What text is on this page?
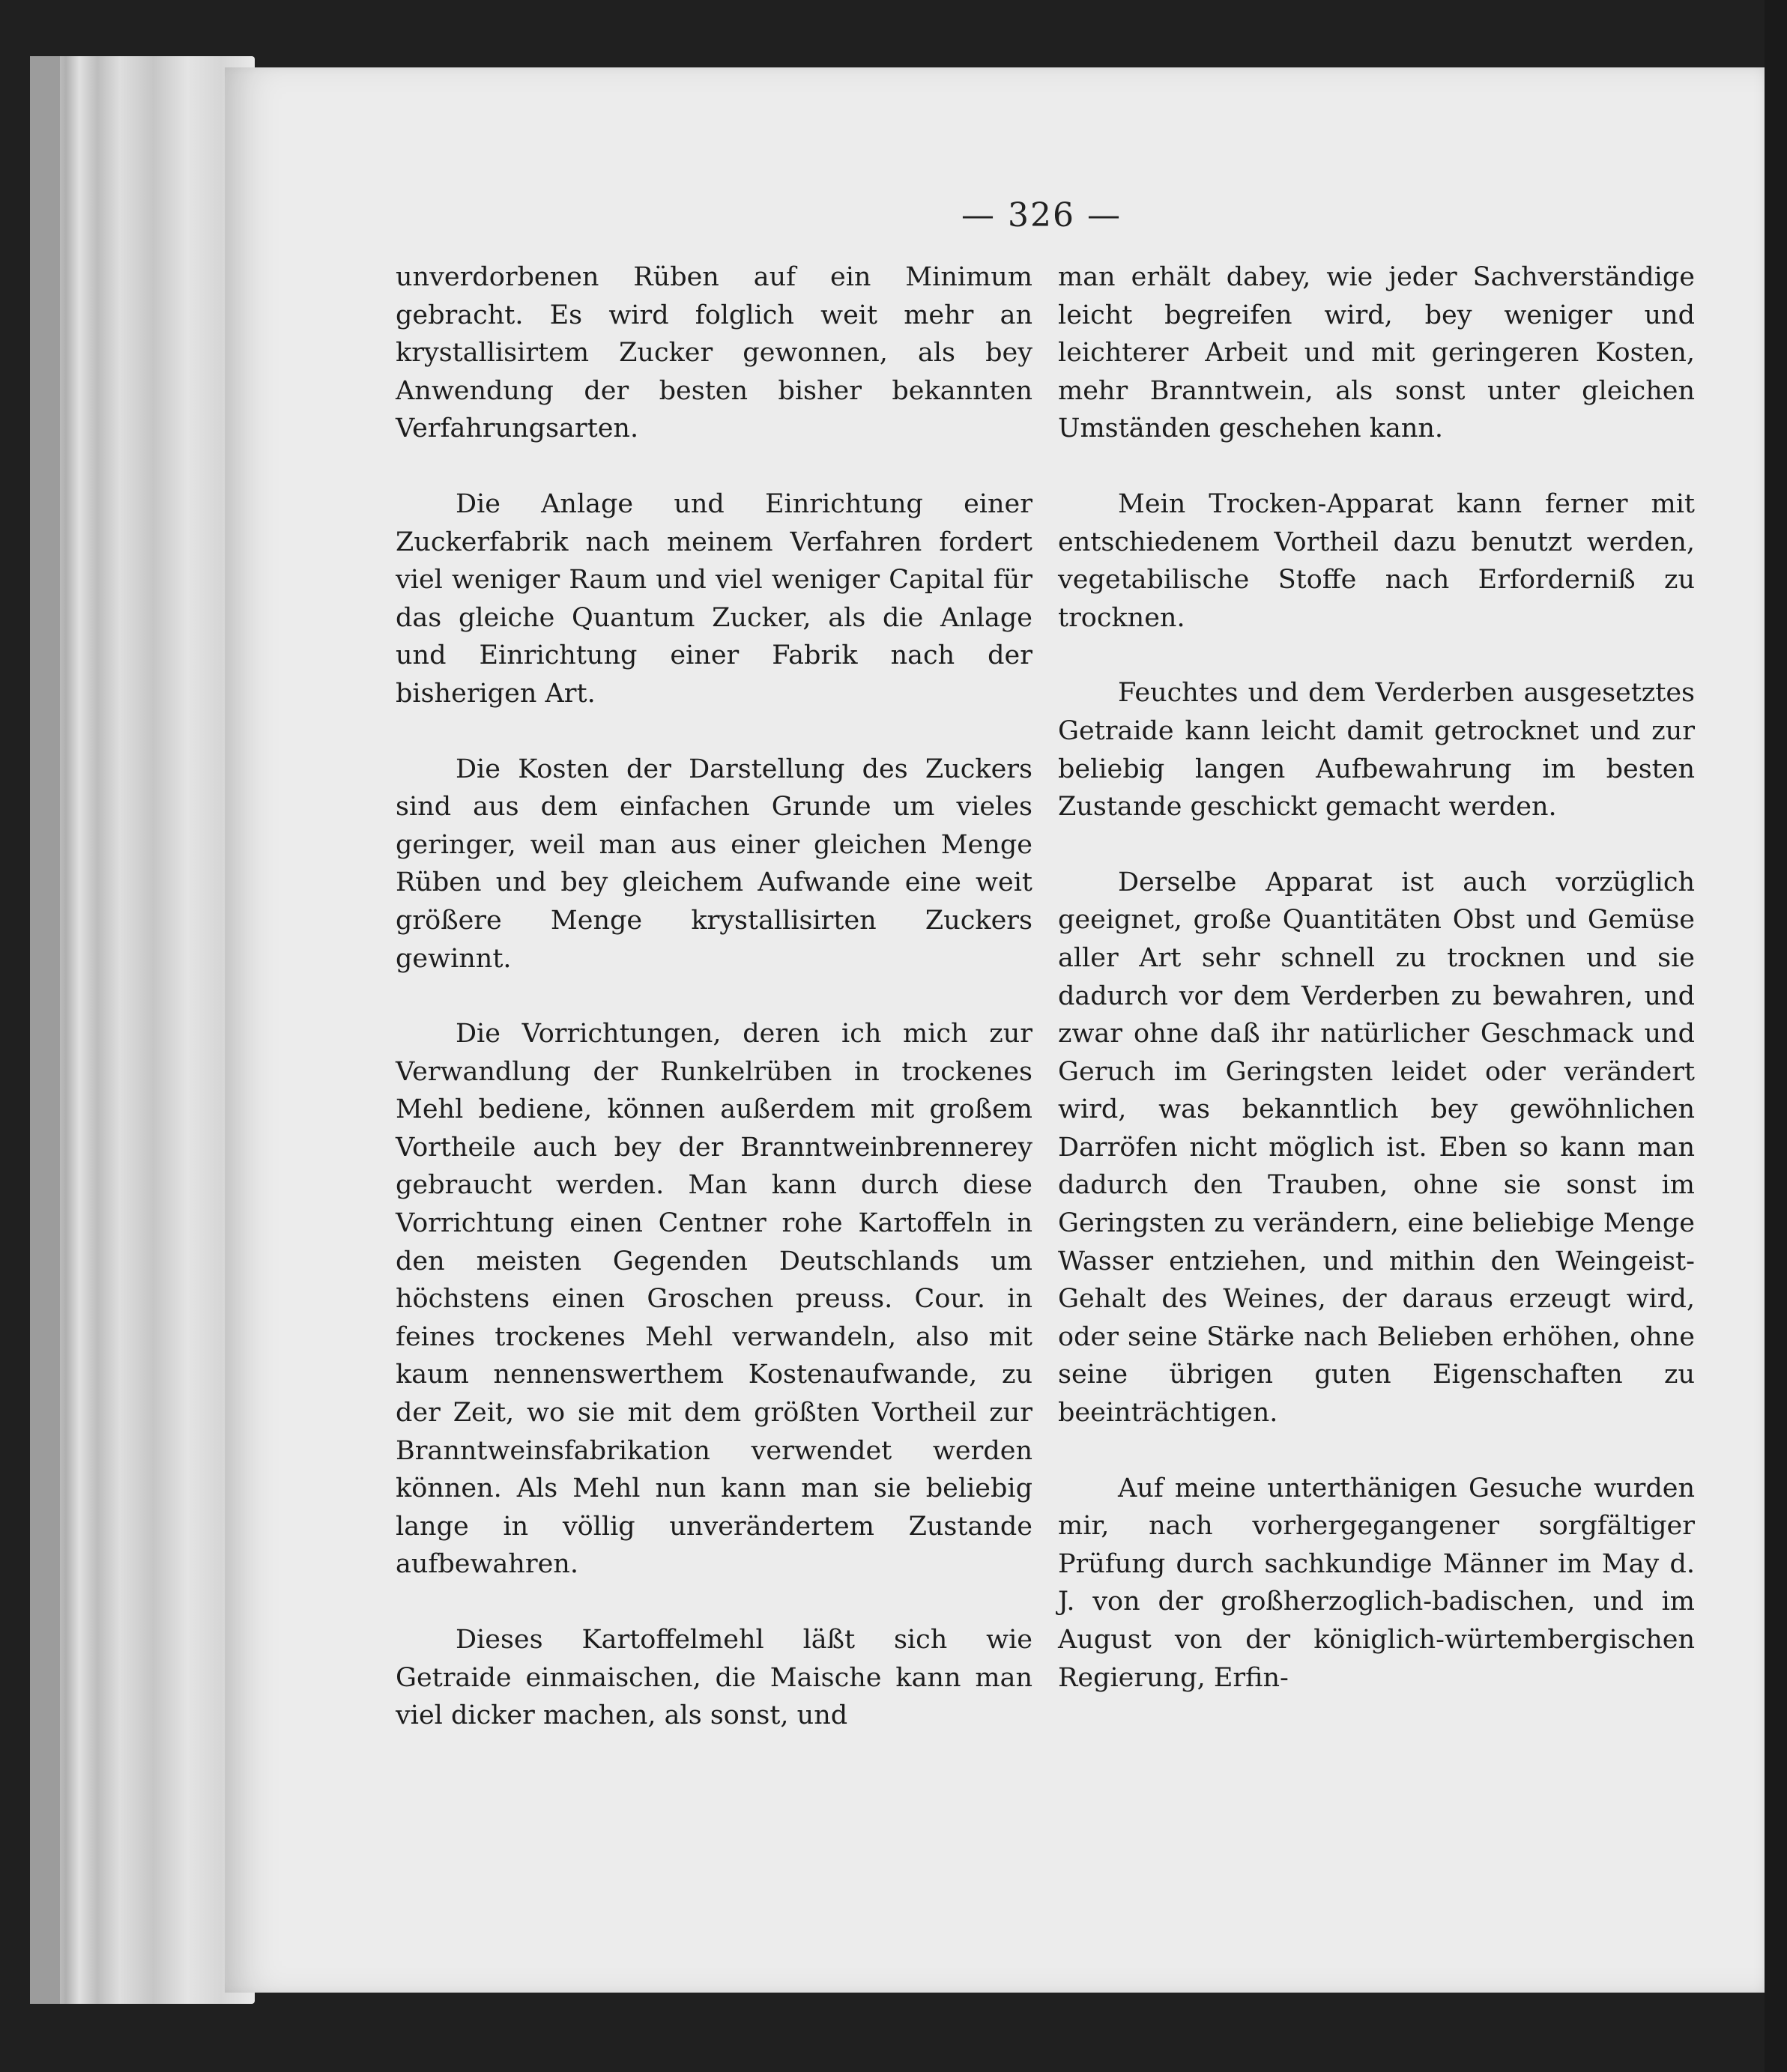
— 326 —

unverdorbenen Rüben auf ein Minimum gebracht. Es wird folglich weit mehr an krystallisirtem Zucker gewonnen, als bey Anwendung der besten bisher bekannten Verfahrungsarten.

Die Anlage und Einrichtung einer Zuckerfabrik nach meinem Verfahren fordert viel weniger Raum und viel weniger Capital für das gleiche Quantum Zucker, als die Anlage und Einrichtung einer Fabrik nach der bisherigen Art.

Die Kosten der Darstellung des Zuckers sind aus dem einfachen Grunde um vieles geringer, weil man aus einer gleichen Menge Rüben und bey gleichem Aufwande eine weit größere Menge krystallisirten Zuckers gewinnt.

Die Vorrichtungen, deren ich mich zur Verwandlung der Runkelrüben in trockenes Mehl bediene, können außerdem mit großem Vortheile auch bey der Branntweinbrennerey gebraucht werden. Man kann durch diese Vorrichtung einen Centner rohe Kartoffeln in den meisten Gegenden Deutschlands um höchstens einen Groschen preuss. Cour. in feines trockenes Mehl verwandeln, also mit kaum nennenswerthem Kostenaufwande, zu der Zeit, wo sie mit dem größten Vortheil zur Branntweinsfabrikation verwendet werden können. Als Mehl nun kann man sie beliebig lange in völlig unverändertem Zustande aufbewahren.

Dieses Kartoffelmehl läßt sich wie Getraide einmaischen, die Maische kann man viel dicker machen, als sonst, und

man erhält dabey, wie jeder Sachverständige leicht begreifen wird, bey weniger und leichterer Arbeit und mit geringeren Kosten, mehr Branntwein, als sonst unter gleichen Umständen geschehen kann.

Mein Trocken-Apparat kann ferner mit entschiedenem Vortheil dazu benutzt werden, vegetabilische Stoffe nach Erforderniß zu trocknen.

Feuchtes und dem Verderben ausgesetztes Getraide kann leicht damit getrocknet und zur beliebig langen Aufbewahrung im besten Zustande geschickt gemacht werden.

Derselbe Apparat ist auch vorzüglich geeignet, große Quantitäten Obst und Gemüse aller Art sehr schnell zu trocknen und sie dadurch vor dem Verderben zu bewahren, und zwar ohne daß ihr natürlicher Geschmack und Geruch im Geringsten leidet oder verändert wird, was bekanntlich bey gewöhnlichen Darröfen nicht möglich ist. Eben so kann man dadurch den Trauben, ohne sie sonst im Geringsten zu verändern, eine beliebige Menge Wasser entziehen, und mithin den Weingeist-Gehalt des Weines, der daraus erzeugt wird, oder seine Stärke nach Belieben erhöhen, ohne seine übrigen guten Eigenschaften zu beeinträchtigen.

Auf meine unterthänigen Gesuche wurden mir, nach vorhergegangener sorgfältiger Prüfung durch sachkundige Männer im May d. J. von der großherzoglich-badischen, und im August von der königlich-würtembergischen Regierung, Erfin-
